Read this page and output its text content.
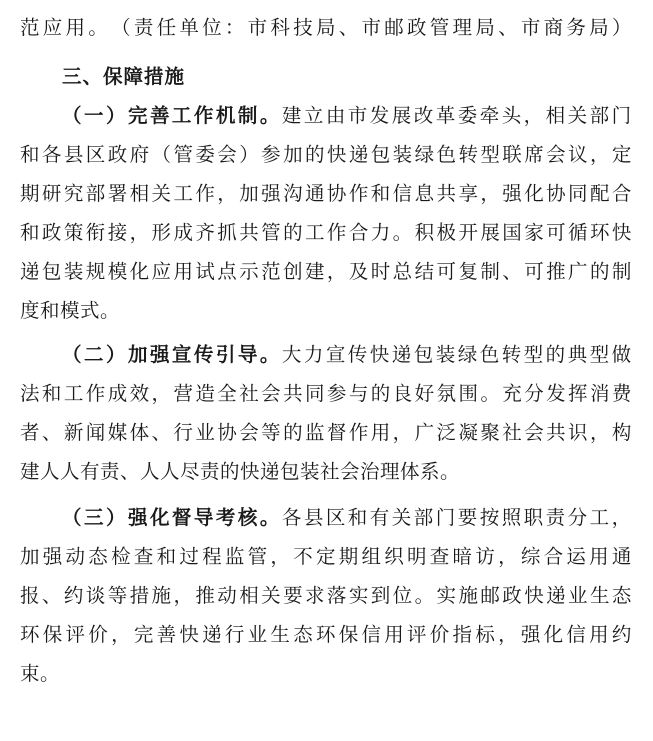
范 应 用 。 （ 责 任 单 位 ： 市 科 技 局 、 市 邮 政 管 理 局 、 市 商 务 局 ）
三、保障措施
（ 一 ） 完 善 工 作 机 制 。 建 立 由 市 发 展 改 革 委 牵 头 ， 相 关 部 门
和 各 县 区 政 府 （ 管 委 会 ） 参 加 的 快 递 包 装 绿 色 转 型 联 席 会 议 ， 定
期 研 究 部 署 相 关 工 作 ， 加 强 沟 通 协 作 和 信 息 共 享 ， 强 化 协 同 配 合
和 政 策 衔 接 ， 形 成 齐 抓 共 管 的 工 作 合 力 。 积 极 开 展 国 家 可 循 环 快
递 包 装 规 模 化 应 用 试 点 示 范 创 建 ， 及 时 总 结 可 复 制 、 可 推 广 的 制
度和模式。
（ 二 ） 加 强 宣 传 引 导 。 大 力 宣 传 快 递 包 装 绿 色 转 型 的 典 型 做
法 和 工 作 成 效 ， 营 造 全 社 会 共 同 参 与 的 良 好 氛 围 。 充 分 发 挥 消 费
者 、 新 闻 媒 体 、 行 业 协 会 等 的 监 督 作 用 ， 广 泛 凝 聚 社 会 共 识 ， 构
建人人有责、人人尽责的快递包装社会治理体系。
（ 三 ） 强 化 督 导 考 核 。 各 县 区 和 有 关 部 门 要 按 照 职 责 分 工 ，
加 强 动 态 检 查 和 过 程 监 管 ， 不 定 期 组 织 明 查 暗 访 ， 综 合 运 用 通
报 、 约 谈 等 措 施 ， 推 动 相 关 要 求 落 实 到 位 。 实 施 邮 政 快 递 业 生 态
环 保 评 价 ， 完 善 快 递 行 业 生 态 环 保 信 用 评 价 指 标 ， 强 化 信 用 约
束。
